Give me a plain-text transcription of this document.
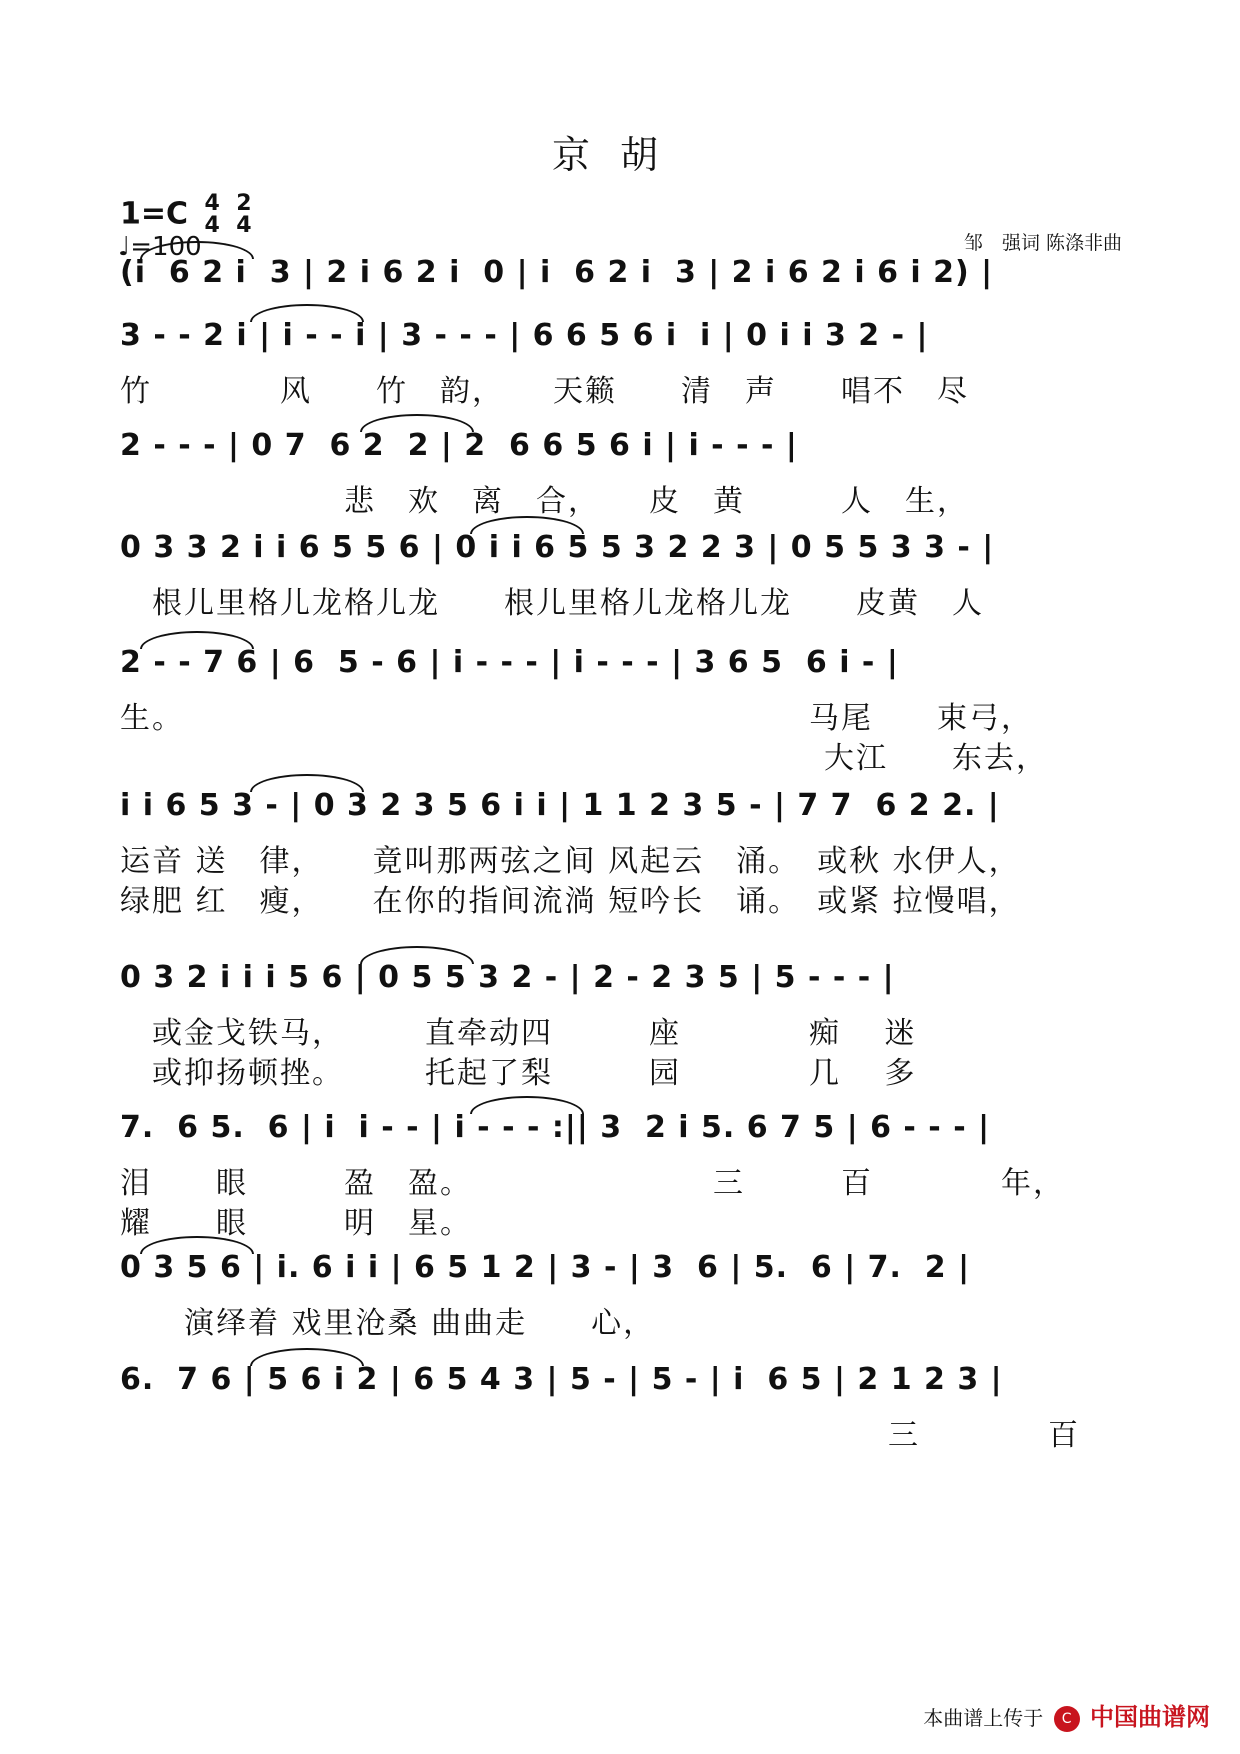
京胡
1=C 4
4 2
4
♩=100	邹　强词 陈涤非曲
(i  6 2 i  3 | 2 i 6 2 i  0 | i  6 2 i  3 | 2 i 6 2 i 6 i 2) |
3 - - 2 i | i - - i | 3 - - - | 6 6 5 6 i  i | 0 i i 3 2 - |
竹　　　　风　　竹　韵，　　天籁　　清　声　　唱不　尽
2 - - - | 0 7  6 2  2 | 2  6 6 5 6 i | i - - - |
　　　　　　　悲　欢　离　合，　　皮　黄　　　人　生，
0 3 3 2 i i 6 5 5 6 | 0 i i 6 5 5 3 2 2 3 | 0 5 5 3 3 - |
　根儿里格儿龙格儿龙　　根儿里格儿龙格儿龙　　皮黄　人
2 - - 7 6 | 6  5 - 6 | i - - - | i - - - | 3 6 5  6 i - |
生。　　　　　　　　　　　　　　　　　　　　马尾　　束弓，
　　　　　　　　　　　　　　　　　　　　　　大江　　东去，
i i 6 5 3 - | 0 3 2 3 5 6 i i | 1 1 2 3 5 - | 7 7  6 2 2. |
运音 送　律，　　竟叫那两弦之间 风起云　涌。　或秋 水伊人，
绿肥 红　瘦，　　在你的指间流淌 短吟长　诵。　或紧 拉慢唱，
0 3 2 i i i 5 6 | 0 5 5 3 2 - | 2 - 2 3 5 | 5 - - - |
　或金戈铁马，　　　直牵动四　　　座　　　　痴　 迷
　或抑扬顿挫。　　　托起了梨　　　园　　　　几　 多
7.  6 5.  6 | i  i - - | i - - - :|| 3  2 i 5. 6 7 5 | 6 - - - |
泪　　眼　　　盈　盈。　　　　　　　　三　　　百　　　　年，
耀　　眼　　　明　星。
0 3 5 6 | i. 6 i i | 6 5 1 2 | 3 - | 3  6 | 5.  6 | 7.  2 |
　　演绎着 戏里沧桑 曲曲走　　心，
6.  7 6 | 5 6 i 2 | 6 5 4 3 | 5 - | 5 - | i  6 5 | 2 1 2 3 |
　　　　　　　　　　　　　　　　　　　　　　　　三　　　　百
本曲谱上传于 C 中国曲谱网
